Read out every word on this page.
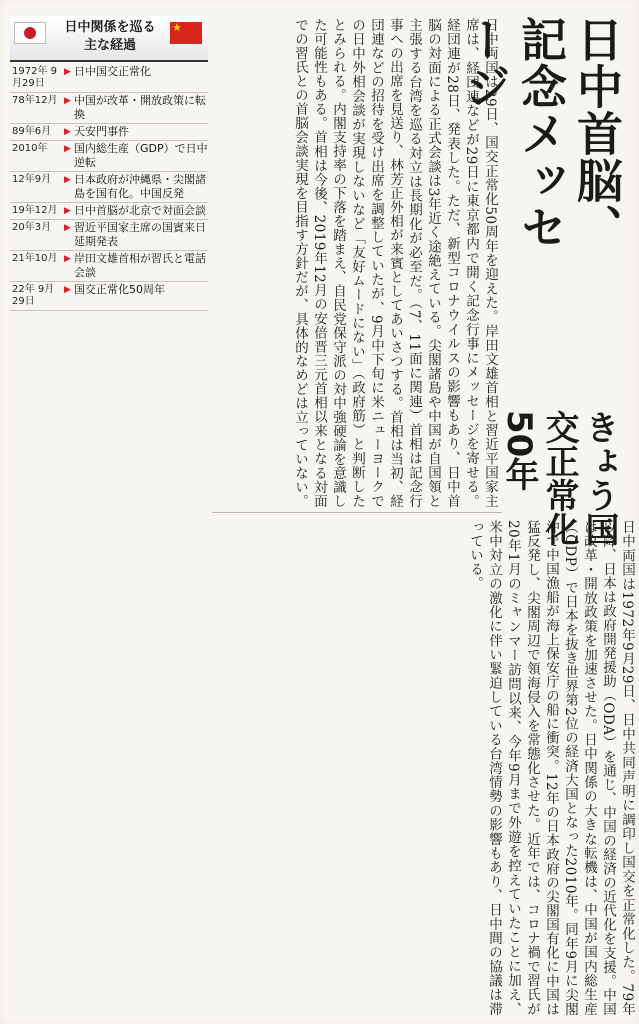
日中関係を巡る
主な経過
★
1972年 9月29日
▶ 日中国交正常化
78年12月 ▶ 中国が改革・開放政策に転換
89年6月	▶ 天安門事件
2010年	▶ 国内総生産（GDP）で日中逆転
12年9月	▶ 日本政府が沖縄県・尖閣諸島を国有化。中国反発
19年12月 ▶ 日中首脳が北京で対面会談
20年3月	▶ 習近平国家主席の国賓来日延期発表
21年10月 ▶ 岸田文雄首相が習氏と電話会談
22年 9月29日
▶ 国交正常化50周年
日中首脳、記念メッセージ
きょう国交正常化50年
日中両国は29日、国交正常化50周年を迎えた。岸田文雄首相と習近平国家主席は、経団連などが29日に東京都内で開く記念行事にメッセージを寄せる。経団連が28日、発表した。ただ、新型コロナウイルスの影響もあり、日中首脳の対面による正式会談は3年近く途絶えている。尖閣諸島や中国が自国領と主張する台湾を巡る対立は長期化が必至だ。（7、11面に関連）首相は記念行事への出席を見送り、林芳正外相が来賓としてあいさつする。首相は当初、経団連などの招待を受け出席を調整していたが、9月中下旬に米ニューヨークでの日中外相会談が実現しないなど「友好ムードにない」（政府筋）と判断したとみられる。内閣支持率の下落を踏まえ、自民党保守派の対中強硬論を意識した可能性もある。首相は今後、2019年12月の安倍晋三元首相以来となる対面での習氏との首脳会談実現を目指す方針だが、具体的なめどは立っていない。
日中両国は1972年9月29日、日中共同声明に調印し国交を正常化した。79年以降、日本は政府開発援助（ODA）を通じ、中国の経済の近代化を支援。中国は改革・開放政策を加速させた。日中関係の大きな転機は、中国が国内総生産（GDP）で日本を抜き世界第2位の経済大国となった2010年。同年9月に尖閣沖で中国漁船が海上保安庁の船に衝突。12年の日本政府の尖閣国有化に中国は猛反発し、尖閣周辺で領海侵入を常態化させた。近年では、コロナ禍で習氏が20年1月のミャンマー訪問以来、今年9月まで外遊を控えていたことに加え、米中対立の激化に伴い緊迫している台湾情勢の影響もあり、日中間の協議は滞っている。
